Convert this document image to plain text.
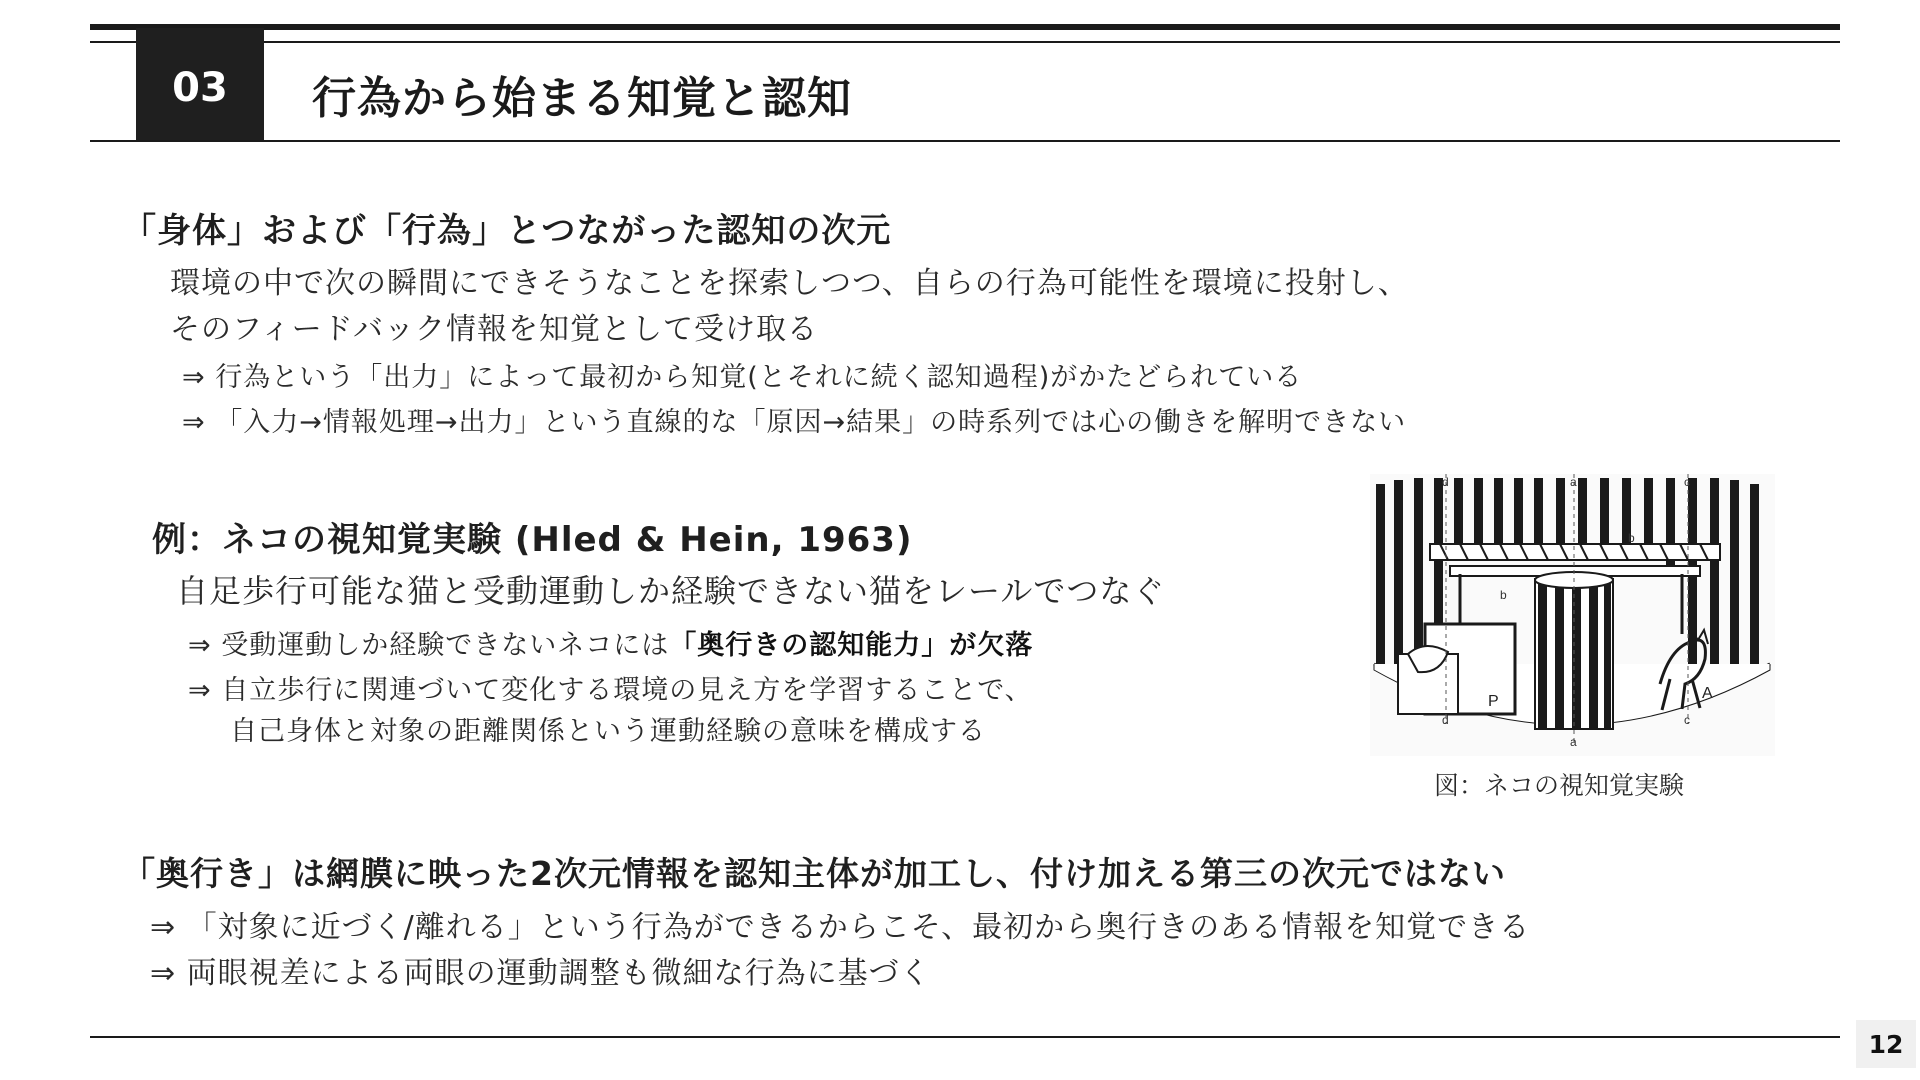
03 行為から始まる知覚と認知
「身体」および「行為」とつながった認知の次元
環境の中で次の瞬間にできそうなことを探索しつつ、自らの行為可能性を環境に投射し、
そのフィードバック情報を知覚として受け取る
⇒ 行為という「出力」によって最初から知覚(とそれに続く認知過程)がかたどられている
⇒ 「入力→情報処理→出力」という直線的な「原因→結果」の時系列では心の働きを解明できない
例：ネコの視知覚実験 (Hled & Hein, 1963)
自足歩行可能な猫と受動運動しか経験できない猫をレールでつなぐ
⇒ 受動運動しか経験できないネコには「奥行きの認知能力」が欠落
⇒ 自立歩行に関連づいて変化する環境の見え方を学習することで、
自己身体と対象の距離関係という運動経験の意味を構成する
d	a	c
b
b
d
a
c
P	A
図：ネコの視知覚実験
「奥行き」は網膜に映った2次元情報を認知主体が加工し、付け加える第三の次元ではない
⇒ 「対象に近づく/離れる」という行為ができるからこそ、最初から奥行きのある情報を知覚できる
⇒ 両眼視差による両眼の運動調整も微細な行為に基づく
12
